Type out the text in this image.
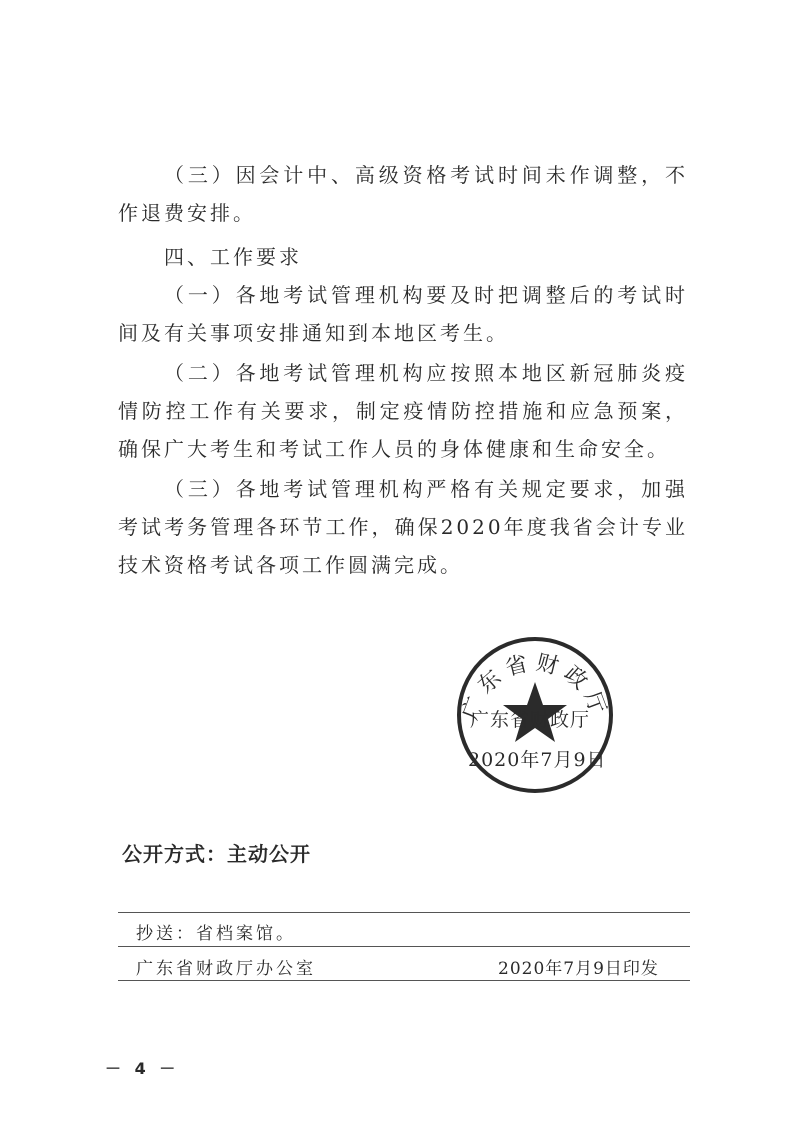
（三）因会计中、高级资格考试时间未作调整，不作退费安排。

四、工作要求

（一）各地考试管理机构要及时把调整后的考试时间及有关事项安排通知到本地区考生。

（二）各地考试管理机构应按照本地区新冠肺炎疫情防控工作有关要求，制定疫情防控措施和应急预案，确保广大考生和考试工作人员的身体健康和生命安全。

（三）各地考试管理机构严格有关规定要求，加强考试考务管理各环节工作，确保2020年度我省会计专业技术资格考试各项工作圆满完成。

广东省财政厅

广东省财政厅

2020年7月9日

公开方式：主动公开

抄送：省档案馆。

广东省财政厅办公室	2020年7月9日印发

－ 4 －
